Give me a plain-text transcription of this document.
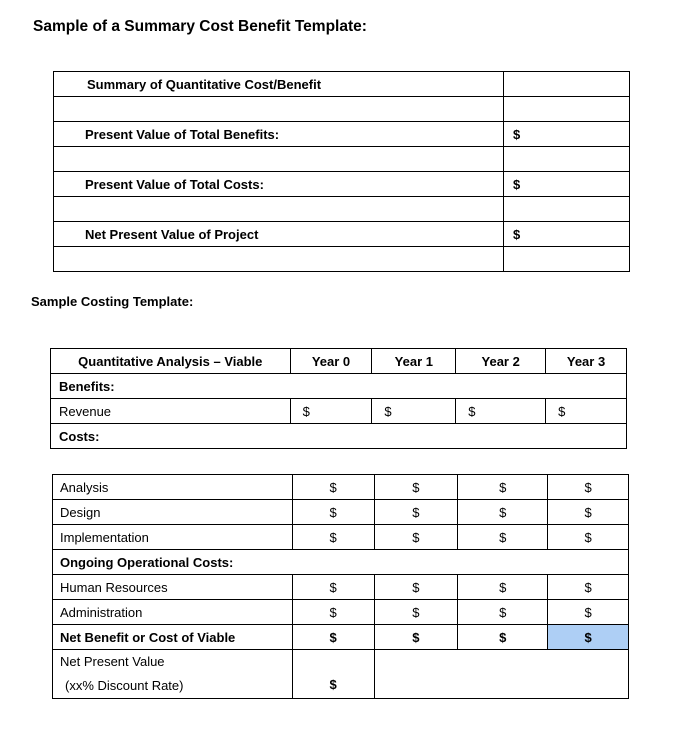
Sample of a Summary Cost Benefit Template:
Summary of Quantitative Cost/Benefit	

Present Value of Total Benefits:	$

Present Value of Total Costs:	$

Net Present Value of Project	$

Sample Costing Template:
Quantitative Analysis – Viable	Year 0	Year 1	Year 2	Year 3
Benefits:				
Revenue	$	$	$	$
Costs:				
Analysis	$	$	$	$
Design	$	$	$	$
Implementation	$	$	$	$
Ongoing Operational Costs:				
Human Resources	$	$	$	$
Administration	$	$	$	$
Net Benefit or Cost of Viable	$	$	$	$

Net Present Value
(xx% Discount Rate)	$			
